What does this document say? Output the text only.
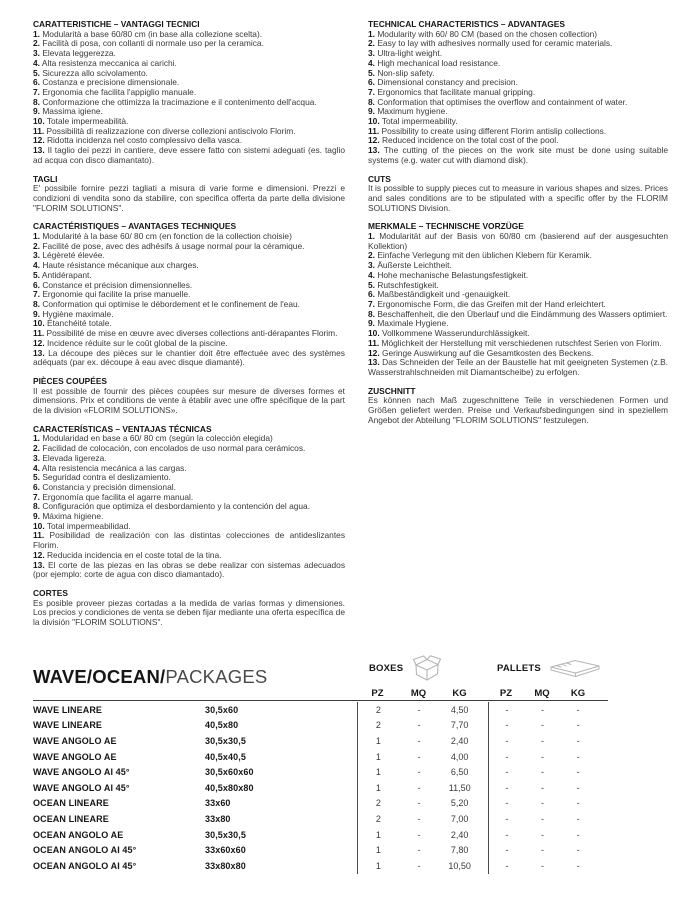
CARATTERISTICHE – VANTAGGI TECNICI

1. Modularità a base 60/80 cm (in base alla collezione scelta).

2. Facilità di posa, con collanti di normale uso per la ceramica.

3. Elevata leggerezza.

4. Alta resistenza meccanica ai carichi.

5. Sicurezza allo scivolamento.

6. Costanza e precisione dimensionale.

7. Ergonomia che facilita l'appiglio manuale.

8. Conformazione che ottimizza la tracimazione e il contenimento dell'acqua.

9. Massima igiene.

10. Totale impermeabilità.

11. Possibilità di realizzazione con diverse collezioni antiscivolo Florim.

12. Ridotta incidenza nel costo complessivo della vasca.

13. Il taglio dei pezzi in cantiere, deve essere fatto con sistemi adeguati (es. taglio ad acqua con disco diamantato).

TAGLI

E' possibile fornire pezzi tagliati a misura di varie forme e dimensioni. Prezzi e condizioni di vendita sono da stabilire, con specifica offerta da parte della divisione "FLORIM SOLUTIONS".

CARACTÉRISTIQUES – AVANTAGES TECHNIQUES

1. Modularité à la base 60/ 80 cm (en fonction de la collection choisie)

2. Facilité de pose, avec des adhésifs à usage normal pour la céramique.

3. Légèreté élevée.

4. Haute résistance mécanique aux charges.

5. Antidérapant.

6. Constance et précision dimensionnelles.

7. Ergonomie qui facilite la prise manuelle.

8. Conformation qui optimise le débordement et le confinement de l'eau.

9. Hygiène maximale.

10. Étanchéité totale.

11. Possibilité de mise en œuvre avec diverses collections anti-dérapantes Florim.

12. Incidence réduite sur le coût global de la piscine.

13. La découpe des pièces sur le chantier doit être effectuée avec des systèmes adéquats (par ex. découpe à eau avec disque diamanté).

PIÈCES COUPÉES

Il est possible de fournir des pièces coupées sur mesure de diverses formes et dimensions. Prix et conditions de vente à établir avec une offre spécifique de la part de la division «FLORIM SOLUTIONS».

CARACTERÍSTICAS – VENTAJAS TÉCNICAS

1. Modularidad en base a 60/ 80 cm (según la colección elegida)

2. Facilidad de colocación, con encolados de uso normal para cerámicos.

3. Elevada ligereza.

4. Alta resistencia mecánica a las cargas.

5. Seguridad contra el deslizamiento.

6. Constancia y precisión dimensional.

7. Ergonomía que facilita el agarre manual.

8. Configuración que optimiza el desbordamiento y la contención del agua.

9. Máxima higiene.

10. Total impermeabilidad.

11. Posibilidad de realización con las distintas colecciones de antideslizantes Florim.

12. Reducida incidencia en el coste total de la tina.

13. El corte de las piezas en las obras se debe realizar con sistemas adecuados (por ejemplo: corte de agua con disco diamantado).

CORTES

Es posible proveer piezas cortadas a la medida de varias formas y dimensiones. Los precios y condiciones de venta se deben fijar mediante una oferta específica de la división "FLORIM SOLUTIONS".

TECHNICAL CHARACTERISTICS – ADVANTAGES

1. Modularity with 60/ 80 CM (based on the chosen collection)

2. Easy to lay with adhesives normally used for ceramic materials.

3. Ultra-light weight.

4. High mechanical load resistance.

5. Non-slip safety.

6. Dimensional constancy and precision.

7. Ergonomics that facilitate manual gripping.

8. Conformation that optimises the overflow and containment of water.

9. Maximum hygiene.

10. Total impermeability.

11. Possibility to create using different Florim antislip collections.

12. Reduced incidence on the total cost of the pool.

13. The cutting of the pieces on the work site must be done using suitable systems (e.g. water cut with diamond disk).

CUTS

It is possible to supply pieces cut to measure in various shapes and sizes. Prices and sales conditions are to be stipulated with a specific offer by the FLORIM SOLUTIONS Division.

MERKMALE – TECHNISCHE VORZÜGE

1. Modularität auf der Basis von 60/80 cm (basierend auf der ausgesuchten Kollektion)

2. Einfache Verlegung mit den üblichen Klebern für Keramik.

3. Äußerste Leichtheit.

4. Hohe mechanische Belastungsfestigkeit.

5. Rutschfestigkeit.

6. Maßbeständigkeit und -genauigkeit.

7. Ergonomische Form, die das Greifen mit der Hand erleichtert.

8. Beschaffenheit, die den Überlauf und die Eindämmung des Wassers optimiert.

9. Maximale Hygiene.

10. Vollkommene Wasserundurchlässigkeit.

11. Möglichkeit der Herstellung mit verschiedenen rutschfest Serien von Florim.

12. Geringe Auswirkung auf die Gesamtkosten des Beckens.

13. Das Schneiden der Teile an der Baustelle hat mit geeigneten Systemen (z.B. Wasserstrahlschneiden mit Diamantscheibe) zu erfolgen.

ZUSCHNITT

Es können nach Maß zugeschnittene Teile in verschiedenen Formen und Größen geliefert werden. Preise und Verkaufsbedingungen sind in speziellem Angebot der Abteilung "FLORIM SOLUTIONS" festzulegen.

WAVE/OCEAN/PACKAGES	BOXES	PALLETS
PZ	MQ	KG	PZ	MQ	KG
WAVE LINEARE	30,5x60	2	-	4,50	-	-	-
WAVE LINEARE	40,5x80	2	-	7,70	-	-	-
WAVE ANGOLO AE	30,5x30,5	1	-	2,40	-	-	-
WAVE ANGOLO AE	40,5x40,5	1	-	4,00	-	-	-
WAVE ANGOLO AI 45°	30,5x60x60	1	-	6,50	-	-	-
WAVE ANGOLO AI 45°	40,5x80x80	1	-	11,50	-	-	-
OCEAN LINEARE	33x60	2	-	5,20	-	-	-
OCEAN LINEARE	33x80	2	-	7,00	-	-	-
OCEAN ANGOLO AE	30,5x30,5	1	-	2,40	-	-	-
OCEAN ANGOLO AI 45°	33x60x60	1	-	7,80	-	-	-
OCEAN ANGOLO AI 45°	33x80x80	1	-	10,50	-	-	-
